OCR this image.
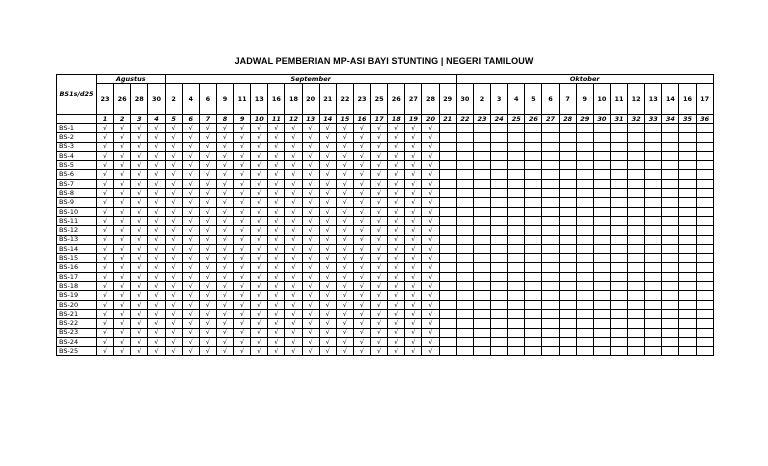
JADWAL PEMBERIAN MP-ASI BAYI STUNTING | NEGERI TAMILOUW
BS1s/d25	Agustus				September																	Oktober														
	23	26	28	30	2	4	6	9	11	13	16	18	20	21	22	23	25	26	27	28	29	30	2	3	4	5	6	7	9	10	11	12	13	14	16	17
	1	2	3	4	5	6	7	8	9	10	11	12	13	14	15	16	17	18	19	20	21	22	23	24	25	26	27	28	29	30	31	32	33	34	35	36
BS-1	√	√	√	√	√	√	√	√	√	√	√	√	√	√	√	√	√	√	√	√																
BS-2	√	√	√	√	√	√	√	√	√	√	√	√	√	√	√	√	√	√	√	√																
BS-3	√	√	√	√	√	√	√	√	√	√	√	√	√	√	√	√	√	√	√	√																
BS-4	√	√	√	√	√	√	√	√	√	√	√	√	√	√	√	√	√	√	√	√																
BS-5	√	√	√	√	√	√	√	√	√	√	√	√	√	√	√	√	√	√	√	√																
BS-6	√	√	√	√	√	√	√	√	√	√	√	√	√	√	√	√	√	√	√	√																
BS-7	√	√	√	√	√	√	√	√	√	√	√	√	√	√	√	√	√	√	√	√																
BS-8	√	√	√	√	√	√	√	√	√	√	√	√	√	√	√	√	√	√	√	√																
BS-9	√	√	√	√	√	√	√	√	√	√	√	√	√	√	√	√	√	√	√	√																
BS-10	√	√	√	√	√	√	√	√	√	√	√	√	√	√	√	√	√	√	√	√																
BS-11	√	√	√	√	√	√	√	√	√	√	√	√	√	√	√	√	√	√	√	√																
BS-12	√	√	√	√	√	√	√	√	√	√	√	√	√	√	√	√	√	√	√	√																
BS-13	√	√	√	√	√	√	√	√	√	√	√	√	√	√	√	√	√	√	√	√																
BS-14	√	√	√	√	√	√	√	√	√	√	√	√	√	√	√	√	√	√	√	√																
BS-15	√	√	√	√	√	√	√	√	√	√	√	√	√	√	√	√	√	√	√	√																
BS-16	√	√	√	√	√	√	√	√	√	√	√	√	√	√	√	√	√	√	√	√																
BS-17	√	√	√	√	√	√	√	√	√	√	√	√	√	√	√	√	√	√	√	√																
BS-18	√	√	√	√	√	√	√	√	√	√	√	√	√	√	√	√	√	√	√	√																
BS-19	√	√	√	√	√	√	√	√	√	√	√	√	√	√	√	√	√	√	√	√																
BS-20	√	√	√	√	√	√	√	√	√	√	√	√	√	√	√	√	√	√	√	√																
BS-21	√	√	√	√	√	√	√	√	√	√	√	√	√	√	√	√	√	√	√	√																
BS-22	√	√	√	√	√	√	√	√	√	√	√	√	√	√	√	√	√	√	√	√																
BS-23	√	√	√	√	√	√	√	√	√	√	√	√	√	√	√	√	√	√	√	√																
BS-24	√	√	√	√	√	√	√	√	√	√	√	√	√	√	√	√	√	√	√	√																
BS-25	√	√	√	√	√	√	√	√	√	√	√	√	√	√	√	√	√	√	√	√																
